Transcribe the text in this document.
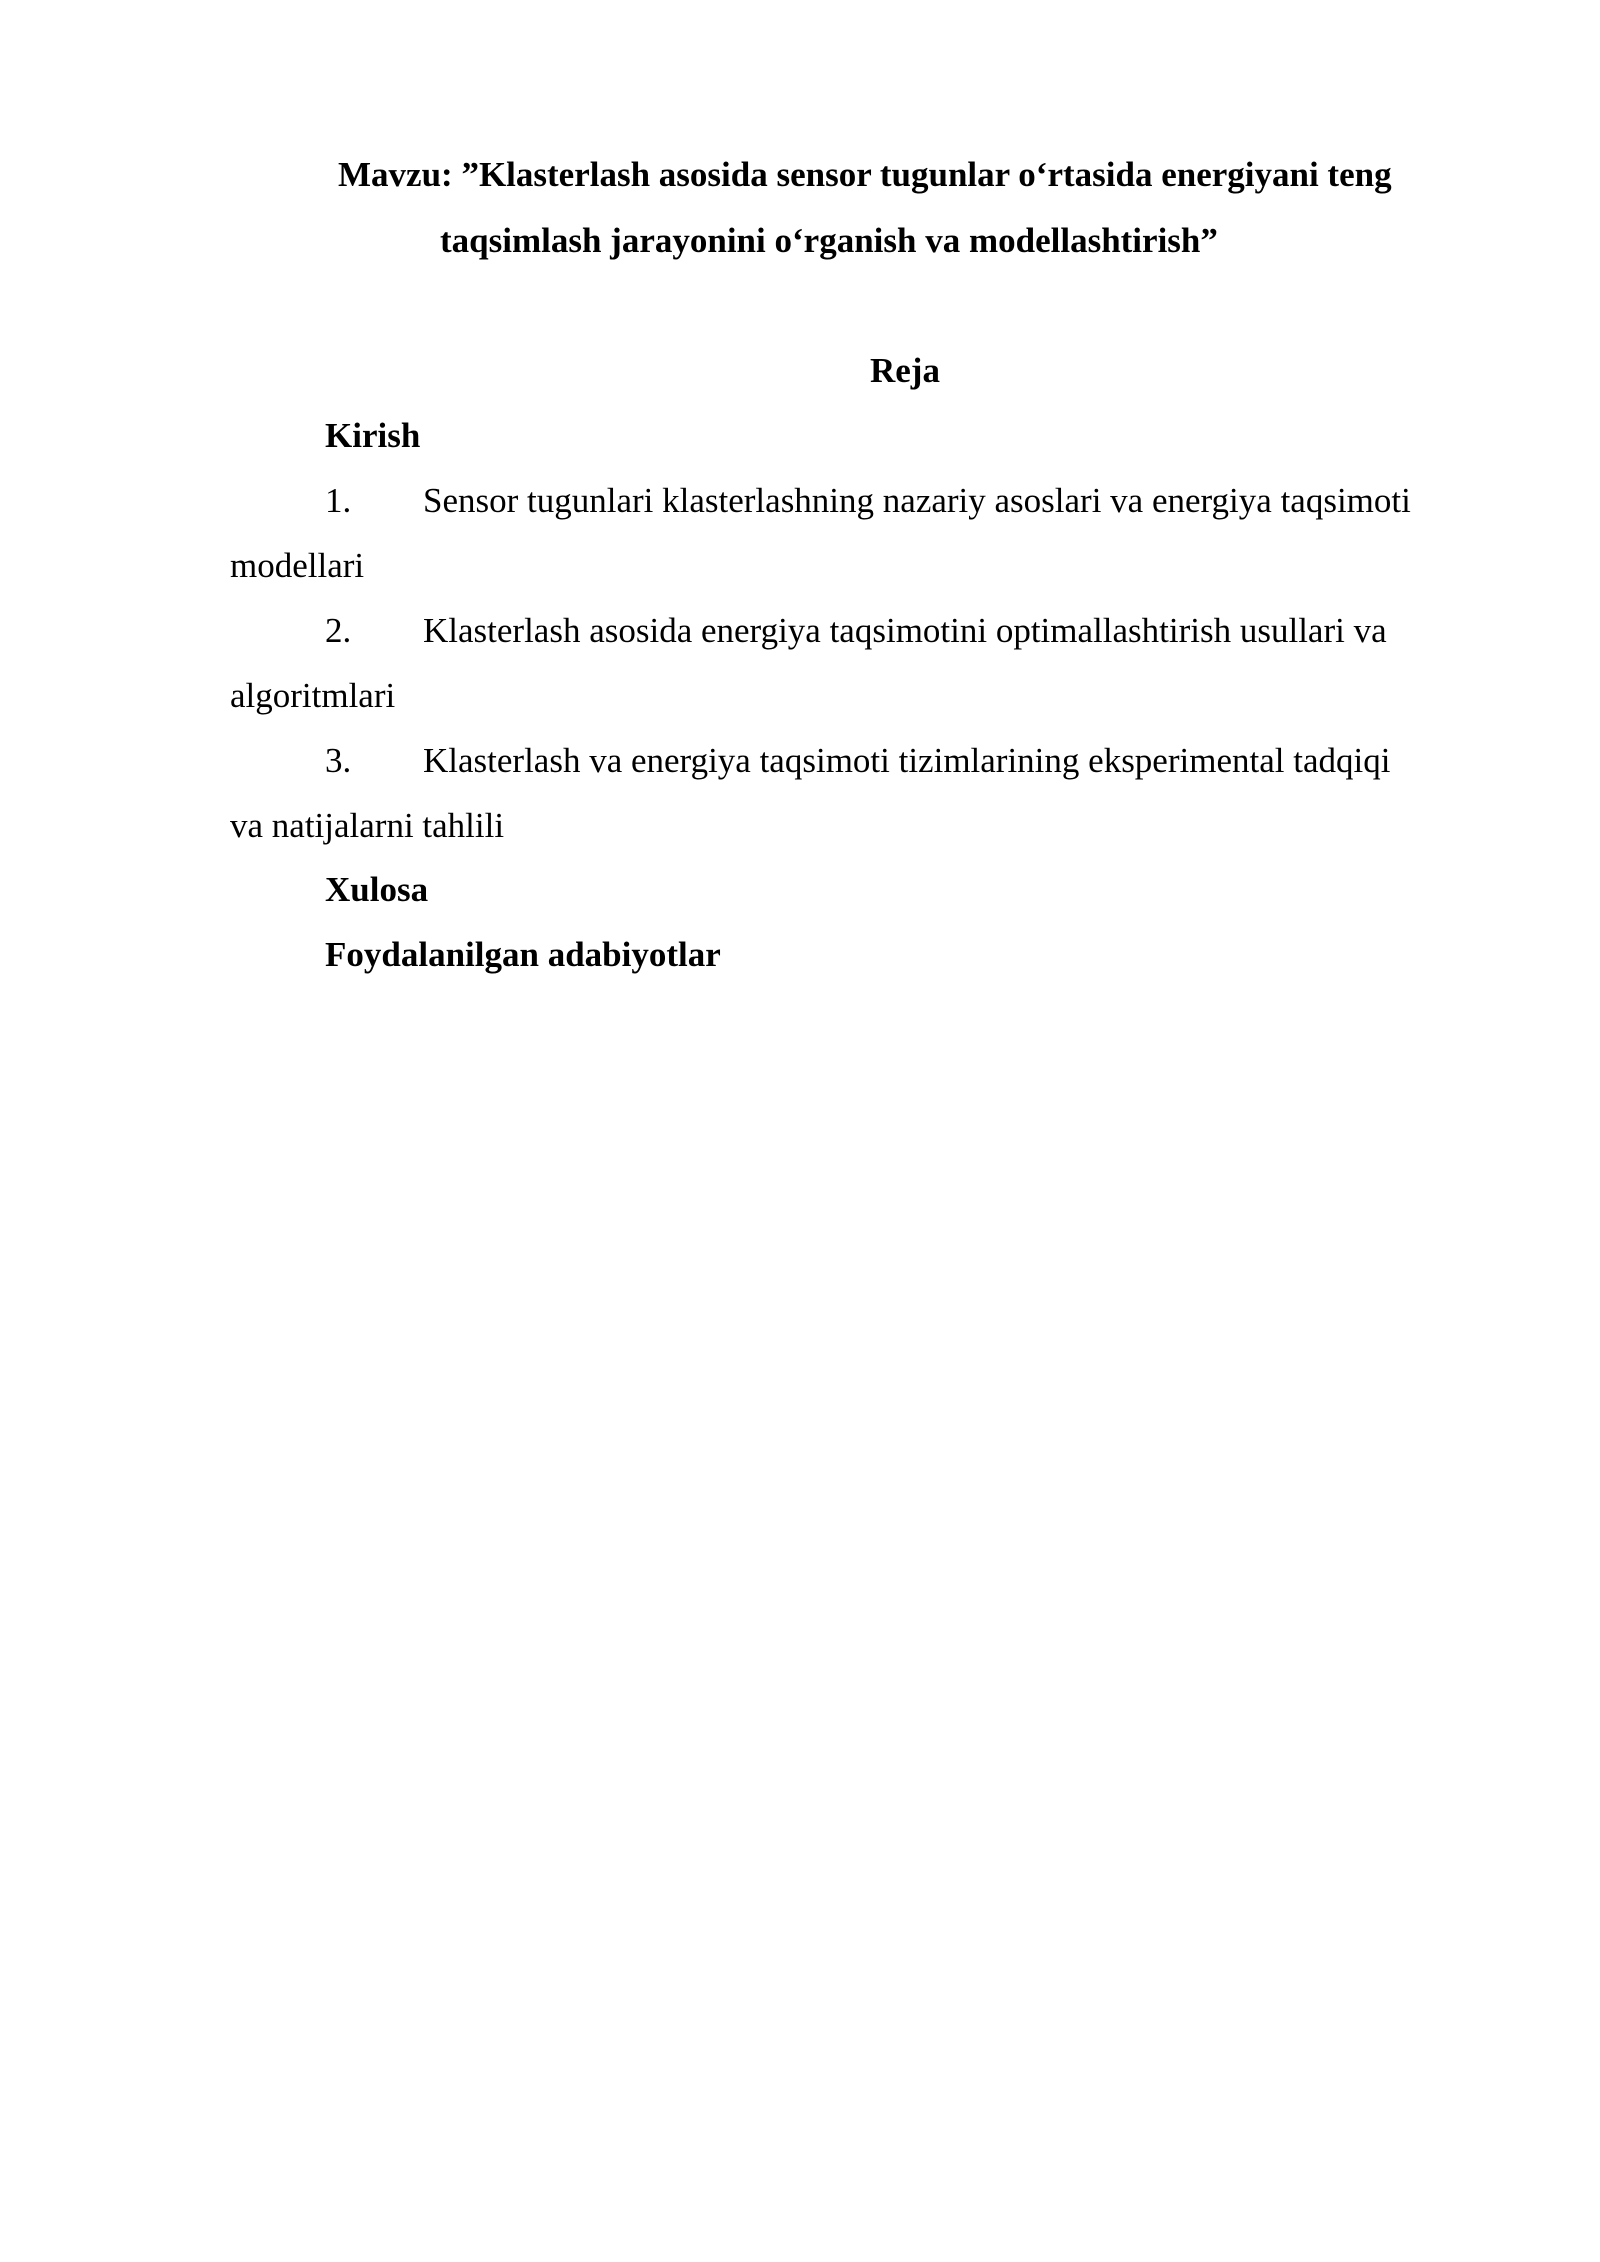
Mavzu: ”Klasterlash asosida sensor tugunlar o‘rtasida energiyani teng
taqsimlash jarayonini o‘rganish va modellashtirish”
Reja
Kirish
1. Sensor tugunlari klasterlashning nazariy asoslari va energiya taqsimoti
modellari
2. Klasterlash asosida energiya taqsimotini optimallashtirish usullari va
algoritmlari
3. Klasterlash va energiya taqsimoti tizimlarining eksperimental tadqiqi
va natijalarni tahlili
Xulosa
Foydalanilgan adabiyotlar
